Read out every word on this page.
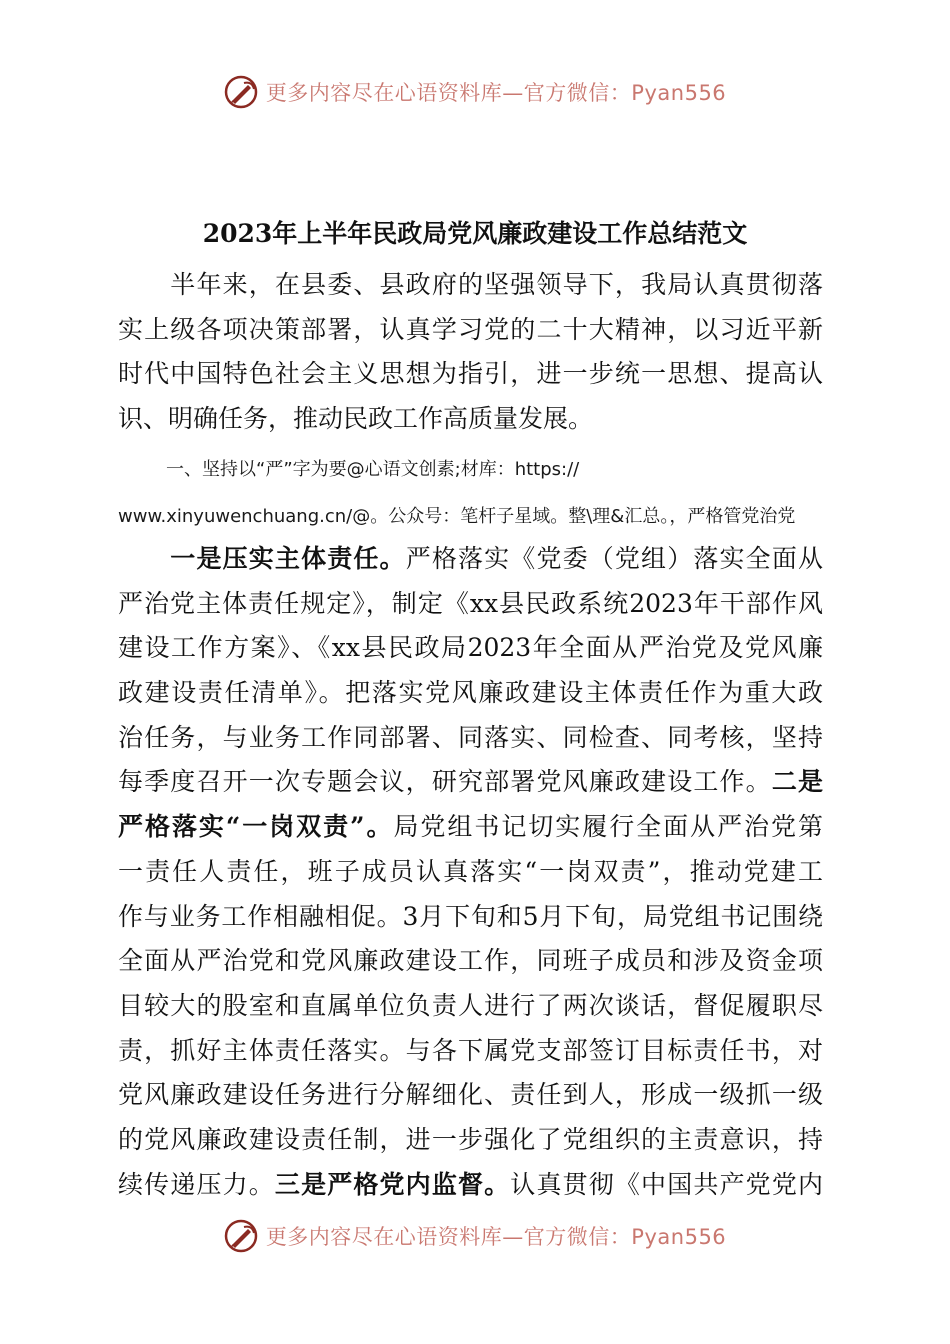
更多内容尽在心语资料库—官方微信：Pyan556
2023年上半年民政局党风廉政建设工作总结范文
　　半年来，在县委、县政府的坚强领导下，我局认真贯彻落
实上级各项决策部署，认真学习党的二十大精神，以习近平新
时代中国特色社会主义思想为指引，进一步统一思想、提高认
识、明确任务，推动民政工作高质量发展。
一、坚持以“严”字为要@心语文创素;材库：https://
www.xinyuwenchuang.cn/@。公众号：笔杆子星域。整\理&汇总。，严格管党治党
　　一是压实主体责任。严格落实《党委（党组）落实全面从
严治党主体责任规定》，制定《xx县民政系统2023年干部作风
建设工作方案》、《xx县民政局2023年全面从严治党及党风廉
政建设责任清单》。把落实党风廉政建设主体责任作为重大政
治任务，与业务工作同部署、同落实、同检查、同考核，坚持
每季度召开一次专题会议，研究部署党风廉政建设工作。二是
严格落实“一岗双责”。局党组书记切实履行全面从严治党第
一责任人责任，班子成员认真落实“一岗双责”，推动党建工
作与业务工作相融相促。3月下旬和5月下旬，局党组书记围绕
全面从严治党和党风廉政建设工作，同班子成员和涉及资金项
目较大的股室和直属单位负责人进行了两次谈话，督促履职尽
责，抓好主体责任落实。与各下属党支部签订目标责任书，对
党风廉政建设任务进行分解细化、责任到人，形成一级抓一级
的党风廉政建设责任制，进一步强化了党组织的主责意识，持
续传递压力。三是严格党内监督。认真贯彻《中国共产党党内
更多内容尽在心语资料库—官方微信：Pyan556
